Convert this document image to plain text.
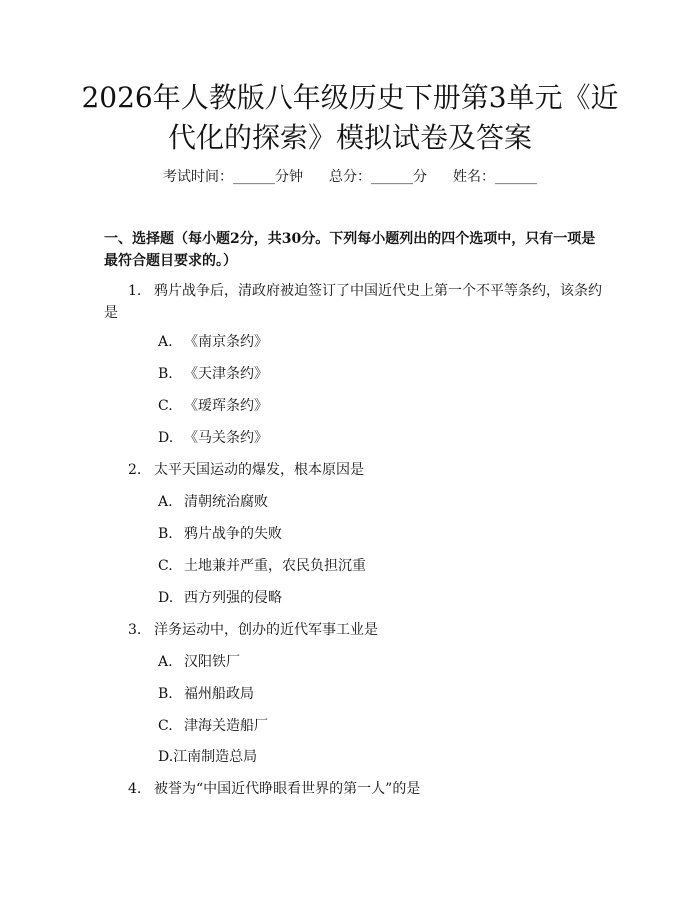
2026年人教版八年级历史下册第3单元《近
代化的探索》模拟试卷及答案
考试时间：______分钟 总分：______分 姓名：______

一、选择题（每小题2分，共30分。下列每小题列出的四个选项中，只有一项是最符合题目要求的。）

1. 鸦片战争后，清政府被迫签订了中国近代史上第一个不平等条约，该条约是
A. 《南京条约》
B. 《天津条约》
C. 《瑷珲条约》
D. 《马关条约》
2. 太平天国运动的爆发，根本原因是
A. 清朝统治腐败
B. 鸦片战争的失败
C. 土地兼并严重，农民负担沉重
D. 西方列强的侵略
3. 洋务运动中，创办的近代军事工业是
A. 汉阳铁厂
B. 福州船政局
C. 津海关造船厂
D.江南制造总局
4. 被誉为“中国近代睁眼看世界的第一人”的是
